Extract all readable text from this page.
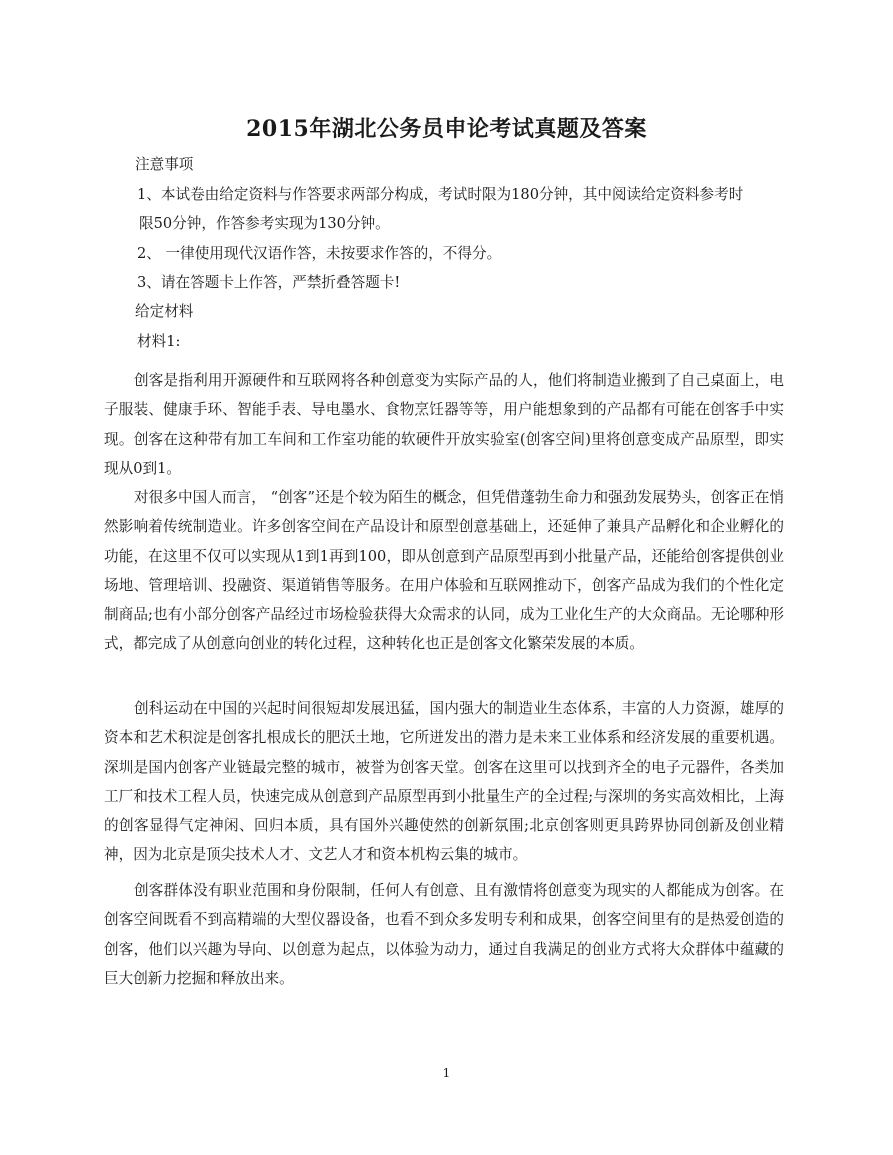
2015年湖北公务员申论考试真题及答案

注意事项

1、本试卷由给定资料与作答要求两部分构成，考试时限为180分钟，其中阅读给定资料参考时

限50分钟，作答参考实现为130分钟。

2、 一律使用现代汉语作答，未按要求作答的，不得分。

3、请在答题卡上作答，严禁折叠答题卡!

给定材料

材料1:

创客是指利用开源硬件和互联网将各种创意变为实际产品的人，他们将制造业搬到了自己桌面上，电子服装、健康手环、智能手表、导电墨水、食物烹饪器等等，用户能想象到的产品都有可能在创客手中实现。创客在这种带有加工车间和工作室功能的软硬件开放实验室(创客空间)里将创意变成产品原型，即实现从0到1。

对很多中国人而言， “创客”还是个较为陌生的概念，但凭借蓬勃生命力和强劲发展势头，创客正在悄然影响着传统制造业。许多创客空间在产品设计和原型创意基础上，还延伸了兼具产品孵化和企业孵化的功能，在这里不仅可以实现从1到1再到100，即从创意到产品原型再到小批量产品，还能给创客提供创业场地、管理培训、投融资、渠道销售等服务。在用户体验和互联网推动下，创客产品成为我们的个性化定制商品;也有小部分创客产品经过市场检验获得大众需求的认同，成为工业化生产的大众商品。无论哪种形式，都完成了从创意向创业的转化过程，这种转化也正是创客文化繁荣发展的本质。

创科运动在中国的兴起时间很短却发展迅猛，国内强大的制造业生态体系，丰富的人力资源，雄厚的资本和艺术积淀是创客扎根成长的肥沃土地，它所迸发出的潜力是未来工业体系和经济发展的重要机遇。深圳是国内创客产业链最完整的城市，被誉为创客天堂。创客在这里可以找到齐全的电子元器件，各类加工厂和技术工程人员，快速完成从创意到产品原型再到小批量生产的全过程;与深圳的务实高效相比，上海的创客显得气定神闲、回归本质，具有国外兴趣使然的创新氛围;北京创客则更具跨界协同创新及创业精神，因为北京是顶尖技术人才、文艺人才和资本机构云集的城市。

创客群体没有职业范围和身份限制，任何人有创意、且有激情将创意变为现实的人都能成为创客。在创客空间既看不到高精端的大型仪器设备，也看不到众多发明专利和成果，创客空间里有的是热爱创造的创客，他们以兴趣为导向、以创意为起点，以体验为动力，通过自我满足的创业方式将大众群体中蕴藏的巨大创新力挖掘和释放出来。

1
